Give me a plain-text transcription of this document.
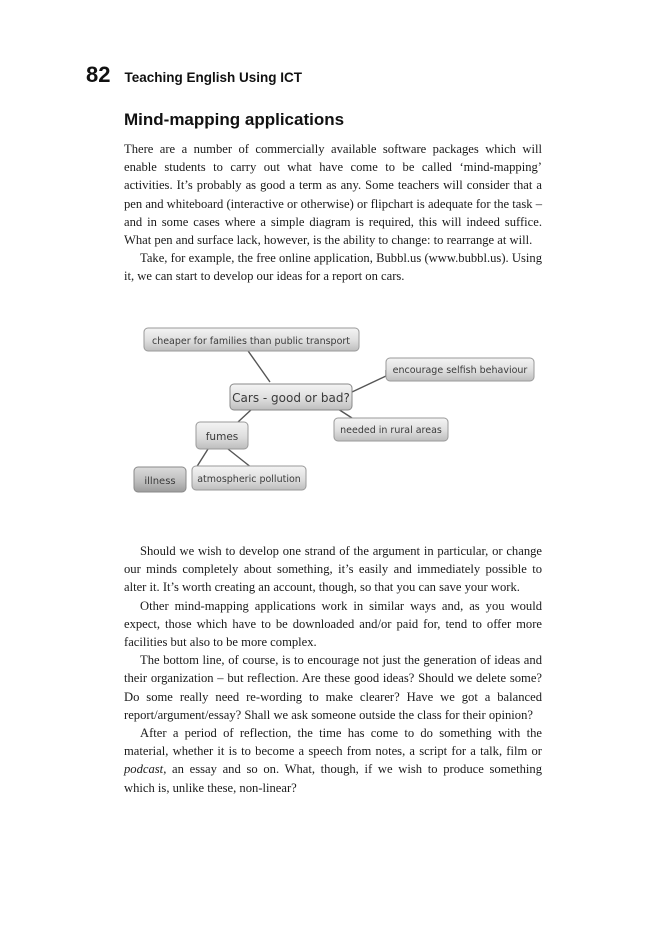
82 Teaching English Using ICT
Mind-mapping applications

There are a number of commercially available software packages which will enable students to carry out what have come to be called ‘mind-mapping’ activities. It’s probably as good a term as any. Some teachers will consider that a pen and whiteboard (interactive or otherwise) or flipchart is adequate for the task – and in some cases where a simple diagram is required, this will indeed suffice. What pen and surface lack, however, is the ability to change: to rearrange at will.

Take, for example, the free online application, Bubbl.us (www.bubbl.us). Using it, we can start to develop our ideas for a report on cars.

cheaper for families than public transport
encourage selfish behaviour
Cars - good or bad?
needed in rural areas
fumes
illness atmospheric pollution

Should we wish to develop one strand of the argument in particular, or change our minds completely about something, it’s easily and immediately possible to alter it. It’s worth creating an account, though, so that you can save your work.

Other mind-mapping applications work in similar ways and, as you would expect, those which have to be downloaded and/or paid for, tend to offer more facilities but also to be more complex.

The bottom line, of course, is to encourage not just the generation of ideas and their organization – but reflection. Are these good ideas? Should we delete some? Do some really need re-wording to make clearer? Have we got a balanced report/argument/essay? Shall we ask someone outside the class for their opinion?

After a period of reflection, the time has come to do something with the material, whether it is to become a speech from notes, a script for a talk, film or podcast, an essay and so on. What, though, if we wish to produce something which is, unlike these, non-linear?
